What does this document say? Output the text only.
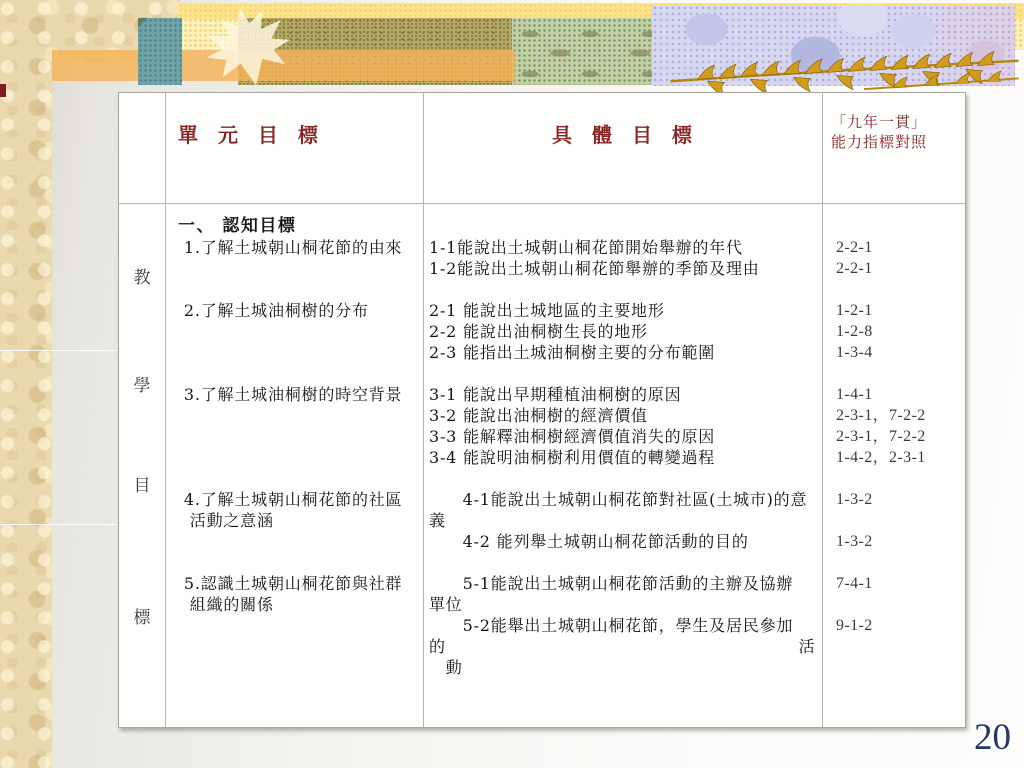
單 元 目 標	具 體 目 標
「九年一貫」
能力指標對照
教
學
目
標
一、 認知目標
1.了解土城朝山桐花節的由來
2.了解土城油桐樹的分布
3.了解土城油桐樹的時空背景
4.了解土城朝山桐花節的社區
活動之意涵
5.認識土城朝山桐花節與社群
組織的關係
1-1能說出土城朝山桐花節開始舉辦的年代
1-2能說出土城朝山桐花節舉辦的季節及理由
2-1 能說出土城地區的主要地形
2-2 能說出油桐樹生長的地形
2-3 能指出土城油桐樹主要的分布範圍
3-1 能說出早期種植油桐樹的原因
3-2 能說出油桐樹的經濟價值
3-3 能解釋油桐樹經濟價值消失的原因
3-4 能說明油桐樹利用價值的轉變過程
　　4-1能說出土城朝山桐花節對社區(土城市)的意
義
　　4-2 能列舉土城朝山桐花節活動的目的
　　5-1能說出土城朝山桐花節活動的主辦及協辦
單位
　　5-2能舉出土城朝山桐花節，學生及居民參加
的　　　　　　　　　　　　　　　　　　　　　活
　動
2-2-1
2-2-1
1-2-1
1-2-8
1-3-4
1-4-1
2-3-1，7-2-2
2-3-1，7-2-2
1-4-2，2-3-1
1-3-2
1-3-2
7-4-1
9-1-2
20
